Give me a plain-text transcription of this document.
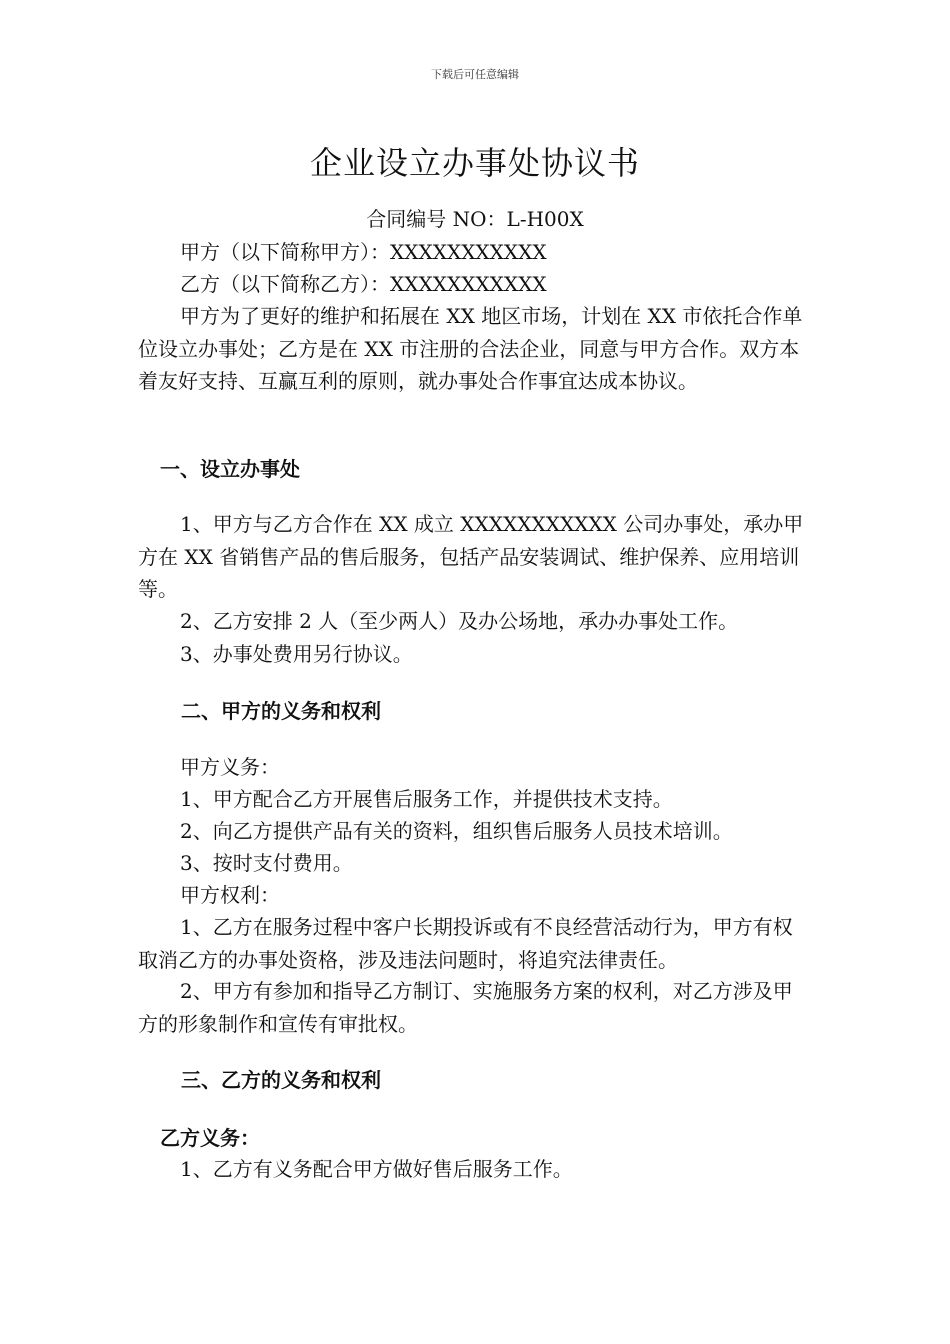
下载后可任意编辑
企业设立办事处协议书
合同编号 NO：L-H00X
甲方（以下简称甲方）：XXXXXXXXXXX
乙方（以下简称乙方）：XXXXXXXXXXX
甲方为了更好的维护和拓展在 XX 地区市场，计划在 XX 市依托合作单位设立办事处；乙方是在 XX 市注册的合法企业，同意与甲方合作。双方本着友好支持、互赢互利的原则，就办事处合作事宜达成本协议。
一、设立办事处
1、甲方与乙方合作在 XX 成立 XXXXXXXXXXX 公司办事处，承办甲方在 XX 省销售产品的售后服务，包括产品安装调试、维护保养、应用培训等。
2、乙方安排 2 人（至少两人）及办公场地，承办办事处工作。
3、办事处费用另行协议。
二、甲方的义务和权利
甲方义务：
1、甲方配合乙方开展售后服务工作，并提供技术支持。
2、向乙方提供产品有关的资料，组织售后服务人员技术培训。
3、按时支付费用。
甲方权利：
1、乙方在服务过程中客户长期投诉或有不良经营活动行为，甲方有权取消乙方的办事处资格，涉及违法问题时，将追究法律责任。
2、甲方有参加和指导乙方制订、实施服务方案的权利，对乙方涉及甲方的形象制作和宣传有审批权。
三、乙方的义务和权利
乙方义务：
1、乙方有义务配合甲方做好售后服务工作。
